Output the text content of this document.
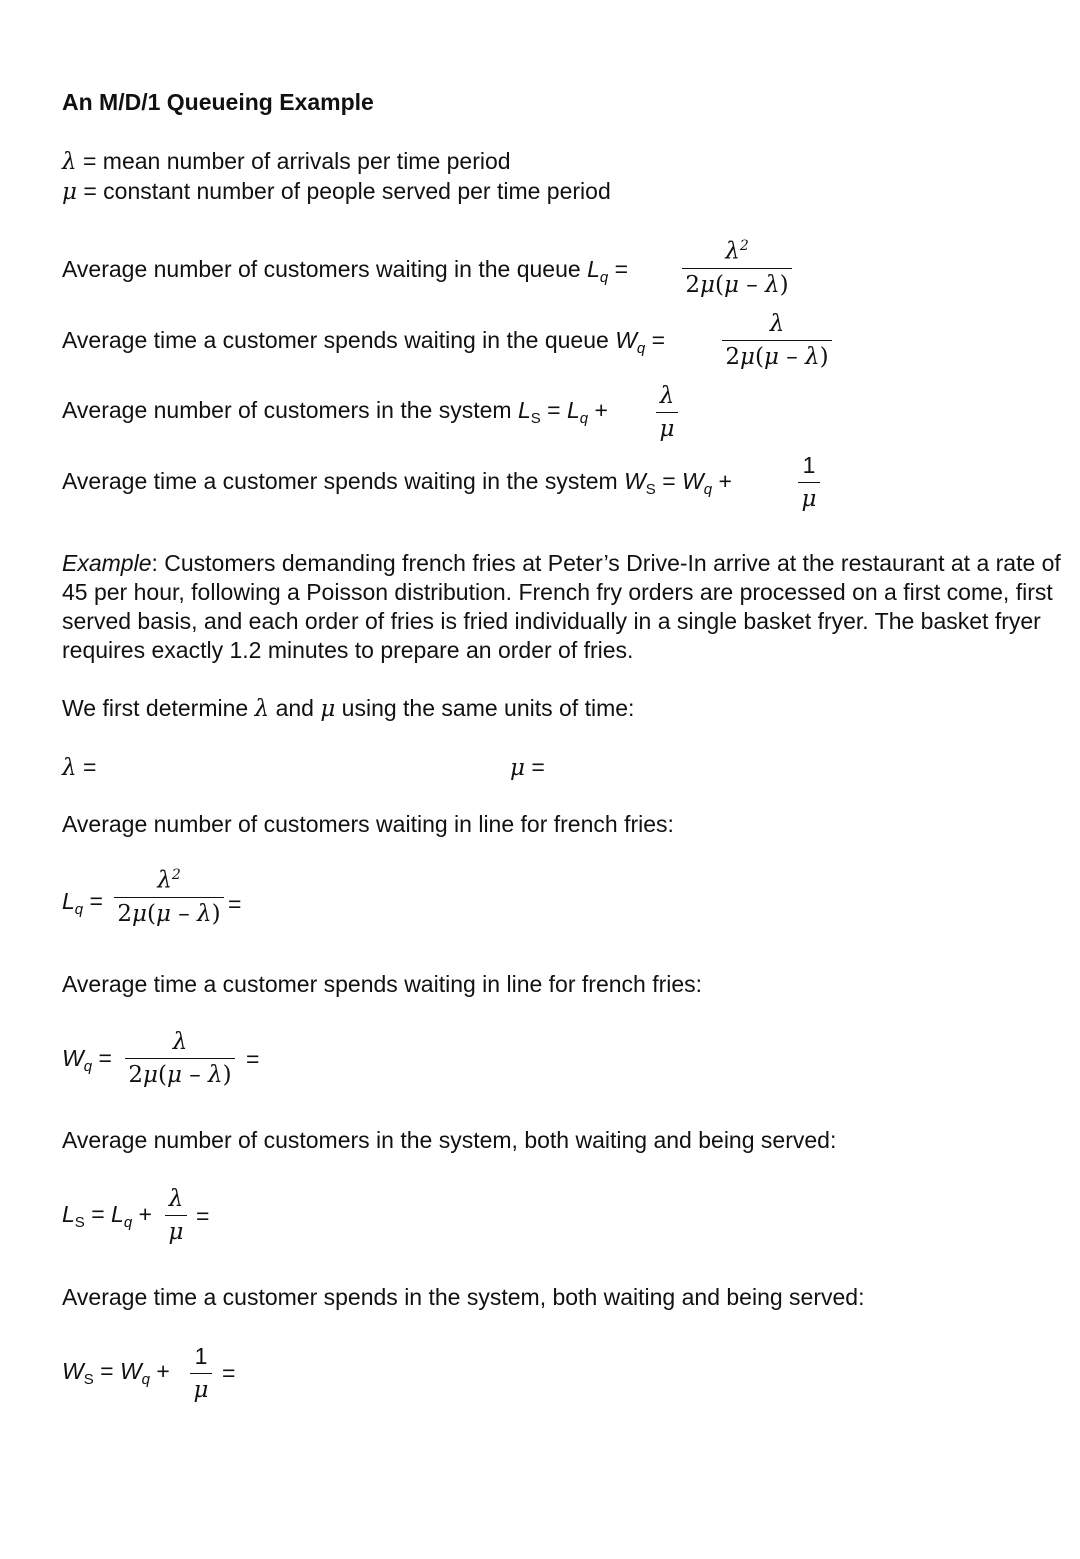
An M/D/1 Queueing Example
λ = mean number of arrivals per time period
μ = constant number of people served per time period
Average number of customers waiting in the queue $L_q$ =
$\lambda^2$
2μ(μ – λ)
Average time a customer spends waiting in the queue $W_q$ =
λ
2μ(μ – λ)
Average number of customers in the system $L_S = L_q$ +
λ
μ
Average time a customer spends waiting in the system $W_S = W_q$ +
1
μ
Example: Customers demanding french fries at Peter’s Drive-In arrive at the restaurant at a rate of 45 per hour, following a Poisson distribution. French fry orders are processed on a first come, first served basis, and each order of fries is fried individually in a single basket fryer. The basket fryer requires exactly 1.2 minutes to prepare an order of fries.
We first determine λ and μ using the same units of time:
λ =	μ =
Average number of customers waiting in line for french fries:
$L_q$ =
$\lambda^2$
2μ(μ – λ) =
Average time a customer spends waiting in line for french fries:
$W_q$ =
λ
2μ(μ – λ)
=
Average number of customers in the system, both waiting and being served:
$L_S = L_q$ +
λ
μ
=
Average time a customer spends in the system, both waiting and being served:
$W_S = W_q$ +
1
μ
=
